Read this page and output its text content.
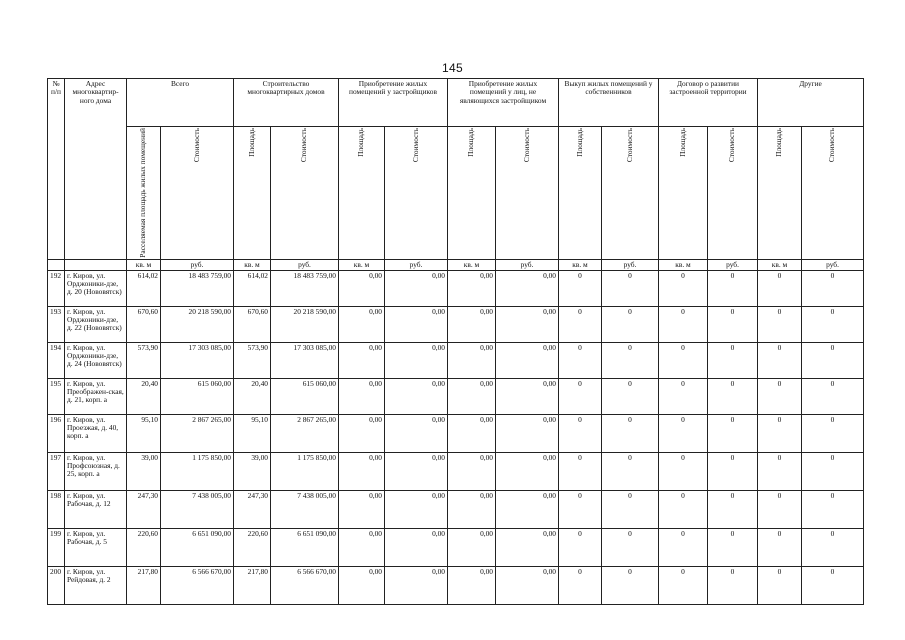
145
№ п/п	Адрес многоквартир-ного дома	Всего		Строительство многоквартирных домов		Приобретение жилых помещений у застройщиков		Приобретение жилых помещений у лиц, не являющихся застройщиком		Выкуп жилых помещений у собственников		Договор о развитии застроенной территории		Другие	

		Расселяемая площадь жилых помещений	Стоимость	Площадь	Стоимость	Площадь	Стоимость	Площадь	Стоимость	Площадь	Стоимость	Площадь	Стоимость	Площадь	Стоимость

		кв. м	руб.	кв. м	руб.	кв. м	руб.	кв. м	руб.	кв. м	руб.	кв. м	руб.	кв. м	руб.
192	г. Киров, ул. Орджоники-дзе, д. 20 (Нововятск)	614,02	18 483 759,00	614,02	18 483 759,00	0,00	0,00	0,00	0,00	0	0	0	0	0	0
193	г. Киров, ул. Орджоники-дзе, д. 22 (Нововятск)	670,60	20 218 590,00	670,60	20 218 590,00	0,00	0,00	0,00	0,00	0	0	0	0	0	0
194	г. Киров, ул. Орджоники-дзе, д. 24 (Нововятск)	573,90	17 303 085,00	573,90	17 303 085,00	0,00	0,00	0,00	0,00	0	0	0	0	0	0
195	г. Киров, ул. Преображен-ская, д. 21, корп. а	20,40	615 060,00	20,40	615 060,00	0,00	0,00	0,00	0,00	0	0	0	0	0	0
196	г. Киров, ул. Проезжая, д. 40, корп. а	95,10	2 867 265,00	95,10	2 867 265,00	0,00	0,00	0,00	0,00	0	0	0	0	0	0
197	г. Киров, ул. Профсоюзная, д. 25, корп. а	39,00	1 175 850,00	39,00	1 175 850,00	0,00	0,00	0,00	0,00	0	0	0	0	0	0
198	г. Киров, ул. Рабочая, д. 12	247,30	7 438 005,00	247,30	7 438 005,00	0,00	0,00	0,00	0,00	0	0	0	0	0	0
199	г. Киров, ул. Рабочая, д. 5	220,60	6 651 090,00	220,60	6 651 090,00	0,00	0,00	0,00	0,00	0	0	0	0	0	0
200	г. Киров, ул. Рейдовая, д. 2	217,80	6 566 670,00	217,80	6 566 670,00	0,00	0,00	0,00	0,00	0	0	0	0	0	0
